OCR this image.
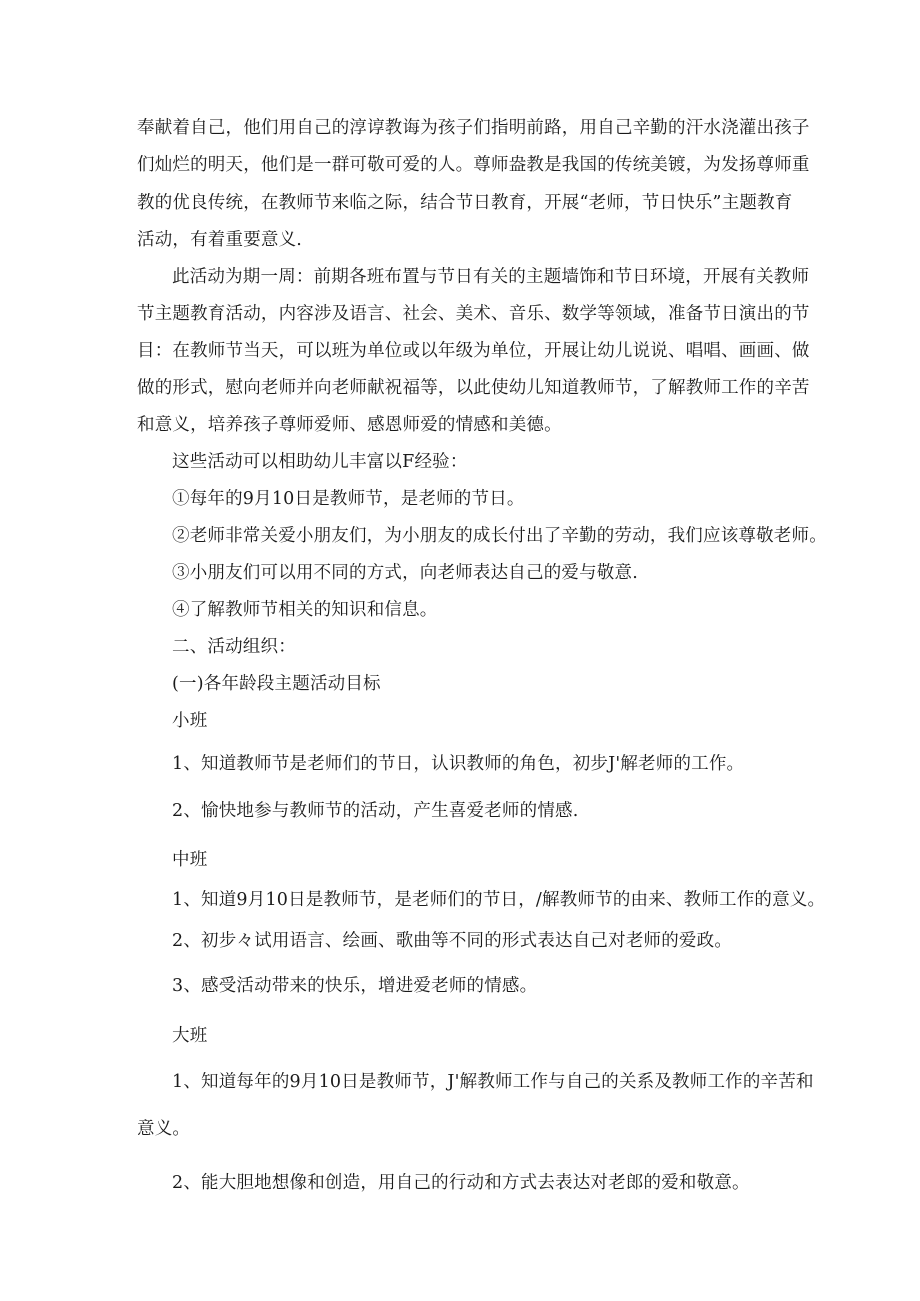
奉献着自己，他们用自己的淳谆教诲为孩子们指明前路，用自己辛勤的汗水浇灌出孩子
们灿烂的明天，他们是一群可敬可爱的人。尊师盎教是我国的传统美镀，为发扬尊师重
教的优良传统，在教师节来临之际，结合节日教育，开展“老师，节日快乐”主题教育
活动，有着重要意义.
此活动为期一周：前期各班布置与节日有关的主题墙饰和节日环境，开展有关教师
节主题教育活动，内容涉及语言、社会、美术、音乐、数学等领域，准备节日演出的节
目：在教师节当天，可以班为单位或以年级为单位，开展让幼儿说说、唱唱、画画、做
做的形式，慰向老师并向老师献祝福等，以此使幼儿知道教师节，了解教师工作的辛苦
和意义，培养孩子尊师爱师、感恩师爱的情感和美德。
这些活动可以相助幼儿丰富以F经验：
①每年的9月10日是教师节，是老师的节日。
②老师非常关爱小朋友们，为小朋友的成长付出了辛勤的劳动，我们应该尊敬老师。
③小朋友们可以用不同的方式，向老师表达自己的爱与敬意.
④了解教师节相关的知识和信息。
二、活动组织：
(一)各年龄段主题活动目标
小班
1、知道教师节是老师们的节日，认识教师的角色，初步J'解老师的工作。
2、愉快地参与教师节的活动，产生喜爱老师的情感.
中班
1、知道9月10日是教师节，是老师们的节日，/解教师节的由来、教师工作的意义。
2、初步々试用语言、绘画、歌曲等不同的形式表达自己对老师的爱政。
3、感受活动带来的快乐，增进爱老师的情感。
大班
1、知道每年的9月10日是教师节，J'解教师工作与自己的关系及教师工作的辛苦和
意义。
2、能大胆地想像和创造，用自己的行动和方式去表达对老郎的爱和敬意。
